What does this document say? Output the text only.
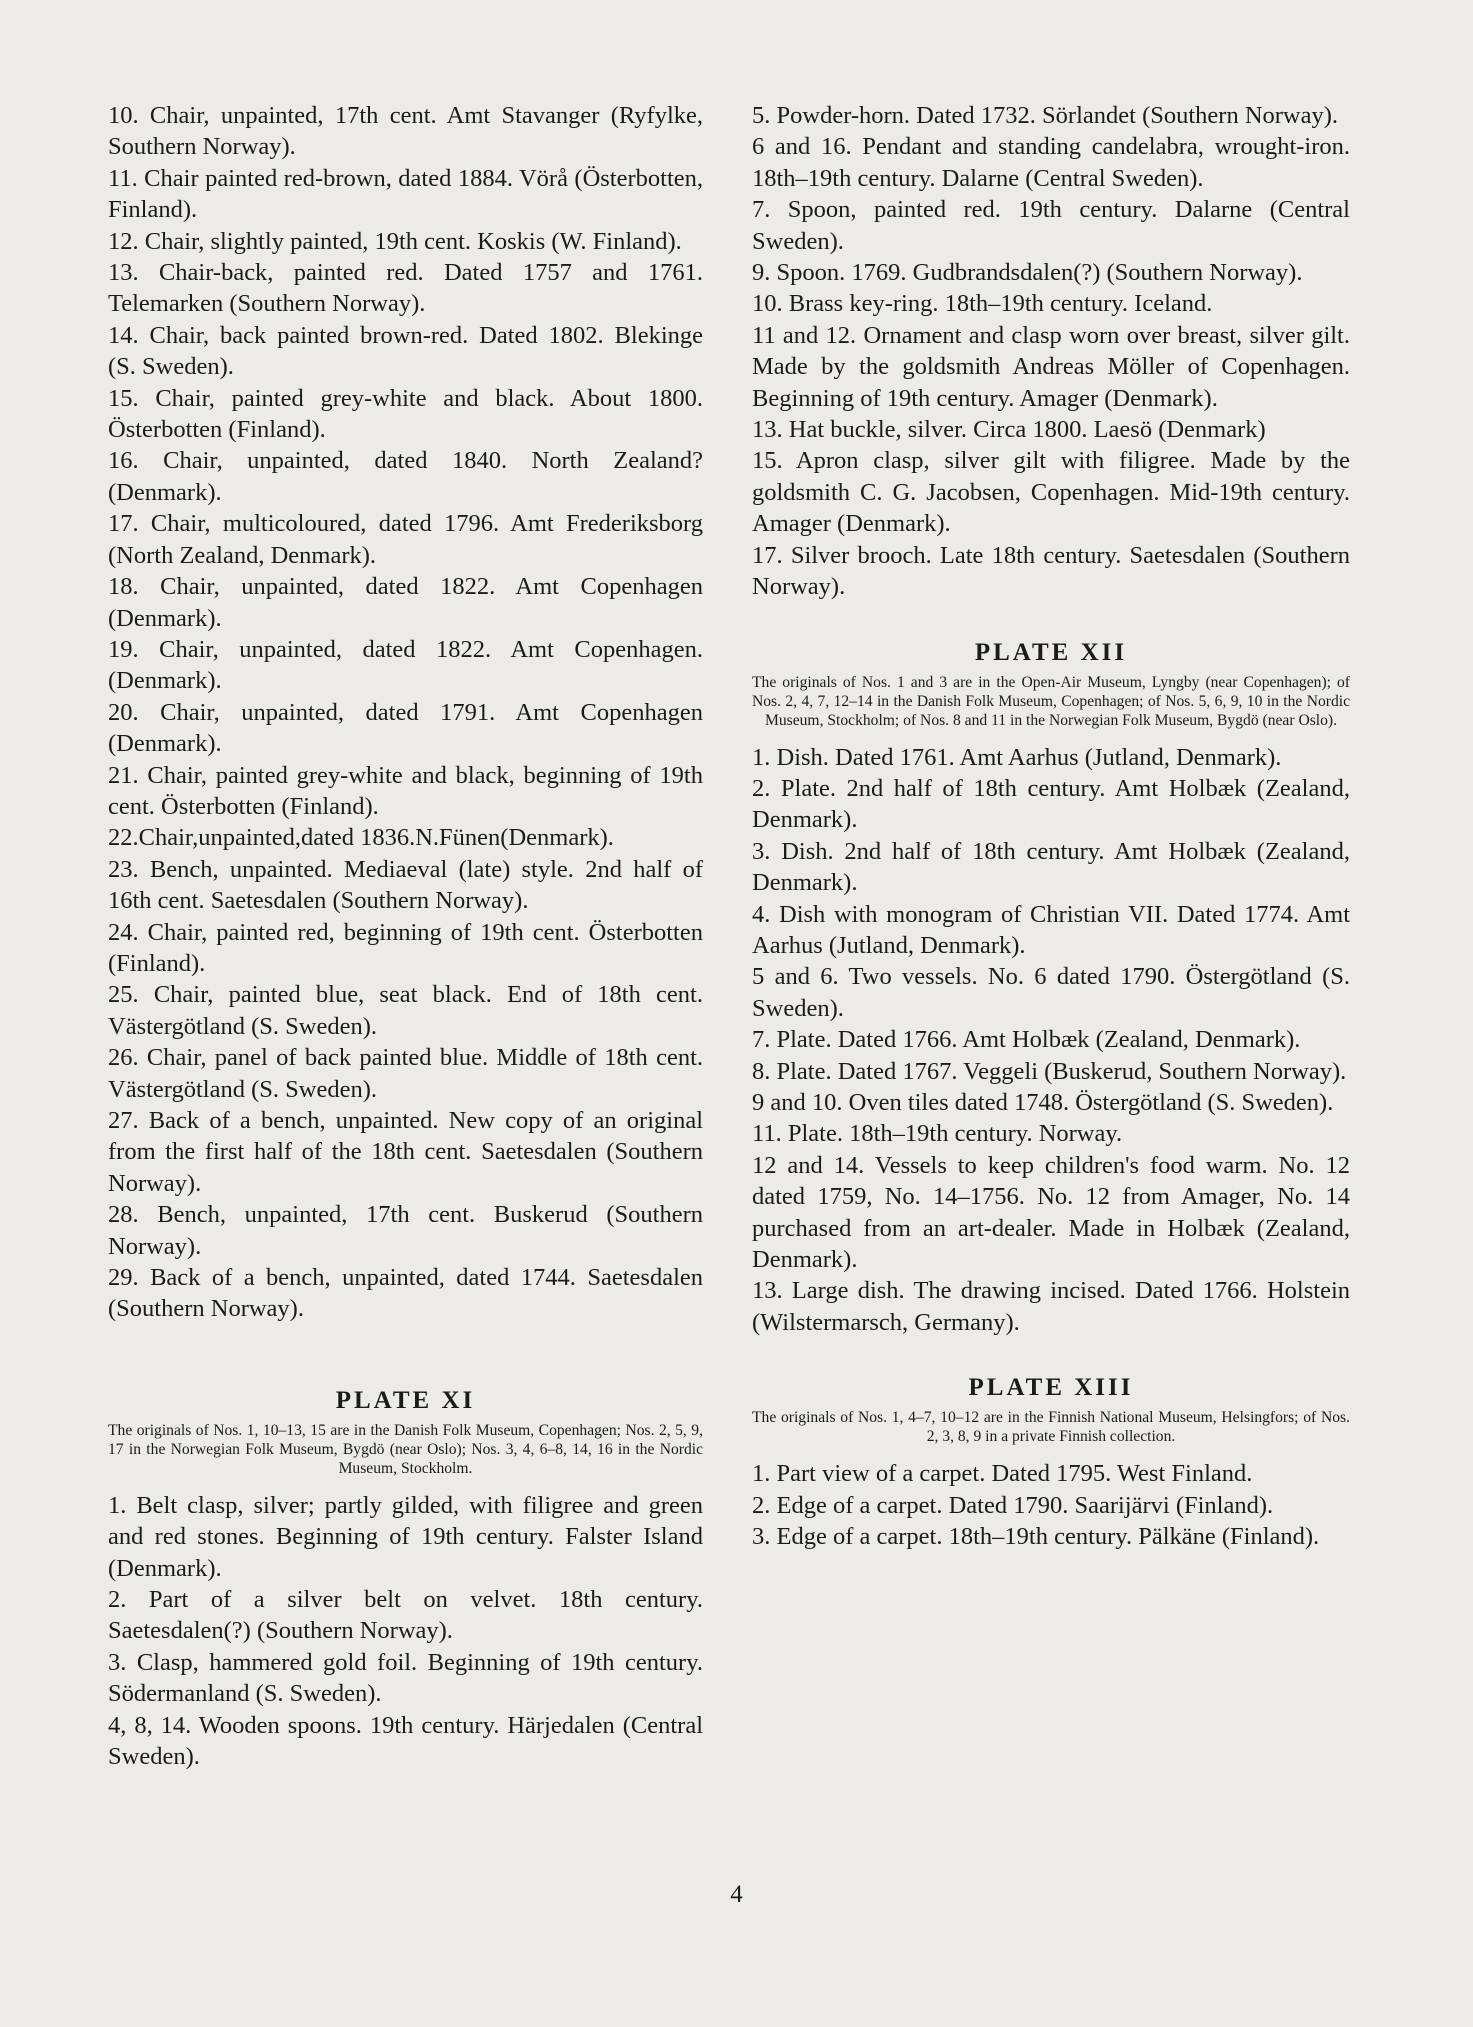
10. Chair, unpainted, 17th cent. Amt Stavanger (Ryfylke, Southern Norway).

11. Chair painted red-brown, dated 1884. Vörå (Österbotten, Finland).

12. Chair, slightly painted, 19th cent. Koskis (W. Finland).

13. Chair-back, painted red. Dated 1757 and 1761. Telemarken (Southern Norway).

14. Chair, back painted brown-red. Dated 1802. Blekinge (S. Sweden).

15. Chair, painted grey-white and black. About 1800. Österbotten (Finland).

16. Chair, unpainted, dated 1840. North Zealand? (Denmark).

17. Chair, multicoloured, dated 1796. Amt Frederiksborg (North Zealand, Denmark).

18. Chair, unpainted, dated 1822. Amt Copenhagen (Denmark).

19. Chair, unpainted, dated 1822. Amt Copenhagen. (Denmark).

20. Chair, unpainted, dated 1791. Amt Copenhagen (Denmark).

21. Chair, painted grey-white and black, beginning of 19th cent. Österbotten (Finland).

22.Chair,unpainted,dated 1836.N.Fünen(Denmark).

23. Bench, unpainted. Mediaeval (late) style. 2nd half of 16th cent. Saetesdalen (Southern Norway).

24. Chair, painted red, beginning of 19th cent. Österbotten (Finland).

25. Chair, painted blue, seat black. End of 18th cent. Västergötland (S. Sweden).

26. Chair, panel of back painted blue. Middle of 18th cent. Västergötland (S. Sweden).

27. Back of a bench, unpainted. New copy of an original from the first half of the 18th cent. Saetesdalen (Southern Norway).

28. Bench, unpainted, 17th cent. Buskerud (Southern Norway).

29. Back of a bench, unpainted, dated 1744. Saetesdalen (Southern Norway).

PLATE XI

The originals of Nos. 1, 10–13, 15 are in the Danish Folk Museum, Copenhagen; Nos. 2, 5, 9, 17 in the Norwegian Folk Museum, Bygdö (near Oslo); Nos. 3, 4, 6–8, 14, 16 in the Nordic Museum, Stockholm.

1. Belt clasp, silver; partly gilded, with filigree and green and red stones. Beginning of 19th century. Falster Island (Denmark).

2. Part of a silver belt on velvet. 18th century. Saetesdalen(?) (Southern Norway).

3. Clasp, hammered gold foil. Beginning of 19th century. Södermanland (S. Sweden).

4, 8, 14. Wooden spoons. 19th century. Härjedalen (Central Sweden).

5. Powder-horn. Dated 1732. Sörlandet (Southern Norway).

6 and 16. Pendant and standing candelabra, wrought-iron. 18th–19th century. Dalarne (Central Sweden).

7. Spoon, painted red. 19th century. Dalarne (Central Sweden).

9. Spoon. 1769. Gudbrandsdalen(?) (Southern Norway).

10. Brass key-ring. 18th–19th century. Iceland.

11 and 12. Ornament and clasp worn over breast, silver gilt. Made by the goldsmith Andreas Möller of Copenhagen. Beginning of 19th century. Amager (Denmark).

13. Hat buckle, silver. Circa 1800. Laesö (Denmark)

15. Apron clasp, silver gilt with filigree. Made by the goldsmith C. G. Jacobsen, Copenhagen. Mid-19th century. Amager (Denmark).

17. Silver brooch. Late 18th century. Saetesdalen (Southern Norway).

PLATE XII

The originals of Nos. 1 and 3 are in the Open-Air Museum, Lyngby (near Copenhagen); of Nos. 2, 4, 7, 12–14 in the Danish Folk Museum, Copenhagen; of Nos. 5, 6, 9, 10 in the Nordic Museum, Stockholm; of Nos. 8 and 11 in the Norwegian Folk Museum, Bygdö (near Oslo).

1. Dish. Dated 1761. Amt Aarhus (Jutland, Denmark).

2. Plate. 2nd half of 18th century. Amt Holbæk (Zealand, Denmark).

3. Dish. 2nd half of 18th century. Amt Holbæk (Zealand, Denmark).

4. Dish with monogram of Christian VII. Dated 1774. Amt Aarhus (Jutland, Denmark).

5 and 6. Two vessels. No. 6 dated 1790. Östergötland (S. Sweden).

7. Plate. Dated 1766. Amt Holbæk (Zealand, Denmark).

8. Plate. Dated 1767. Veggeli (Buskerud, Southern Norway).

9 and 10. Oven tiles dated 1748. Östergötland (S. Sweden).

11. Plate. 18th–19th century. Norway.

12 and 14. Vessels to keep children's food warm. No. 12 dated 1759, No. 14–1756. No. 12 from Amager, No. 14 purchased from an art-dealer. Made in Holbæk (Zealand, Denmark).

13. Large dish. The drawing incised. Dated 1766. Holstein (Wilstermarsch, Germany).

PLATE XIII

The originals of Nos. 1, 4–7, 10–12 are in the Finnish National Museum, Helsingfors; of Nos. 2, 3, 8, 9 in a private Finnish collection.

1. Part view of a carpet. Dated 1795. West Finland.

2. Edge of a carpet. Dated 1790. Saarijärvi (Finland).

3. Edge of a carpet. 18th–19th century. Pälkäne (Finland).

4
